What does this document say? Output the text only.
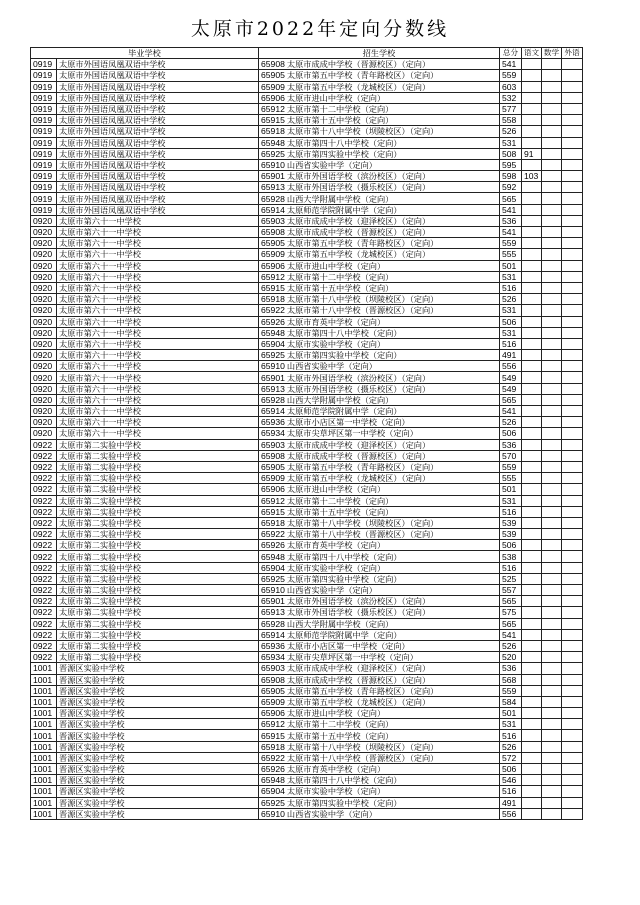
太原市2022年定向分数线
毕业学校		招生学校	总分	语文	数学	外语
0919	太原市外国语凤凰双语中学校	65908 太原市成成中学校（晋源校区）（定向）	541			
0919	太原市外国语凤凰双语中学校	65905 太原市第五中学校（青年路校区）（定向）	559			
0919	太原市外国语凤凰双语中学校	65909 太原市第五中学校（龙城校区）（定向）	603			
0919	太原市外国语凤凰双语中学校	65906 太原市进山中学校（定向）	532			
0919	太原市外国语凤凰双语中学校	65912 太原市第十二中学校（定向）	577			
0919	太原市外国语凤凰双语中学校	65915 太原市第十五中学校（定向）	558			
0919	太原市外国语凤凰双语中学校	65918 太原市第十八中学校（坝陵校区）（定向）	526			
0919	太原市外国语凤凰双语中学校	65948 太原市第四十八中学校（定向）	531			
0919	太原市外国语凤凰双语中学校	65925 太原市第四实验中学校（定向）	508	91		
0919	太原市外国语凤凰双语中学校	65910 山西省实验中学（定向）	595			
0919	太原市外国语凤凰双语中学校	65901 太原市外国语学校（滨汾校区）（定向）	598	103		
0919	太原市外国语凤凰双语中学校	65913 太原市外国语学校（摄乐校区）（定向）	592			
0919	太原市外国语凤凰双语中学校	65928 山西大学附属中学校（定向）	565			
0919	太原市外国语凤凰双语中学校	65914 太原师范学院附属中学（定向）	541			
0920	太原市第六十一中学校	65903 太原市成成中学校（迎泽校区）（定向）	536			
0920	太原市第六十一中学校	65908 太原市成成中学校（晋源校区）（定向）	541			
0920	太原市第六十一中学校	65905 太原市第五中学校（青年路校区）（定向）	559			
0920	太原市第六十一中学校	65909 太原市第五中学校（龙城校区）（定向）	555			
0920	太原市第六十一中学校	65906 太原市进山中学校（定向）	501			
0920	太原市第六十一中学校	65912 太原市第十二中学校（定向）	531			
0920	太原市第六十一中学校	65915 太原市第十五中学校（定向）	516			
0920	太原市第六十一中学校	65918 太原市第十八中学校（坝陵校区）（定向）	526			
0920	太原市第六十一中学校	65922 太原市第十八中学校（晋源校区）（定向）	531			
0920	太原市第六十一中学校	65926 太原市育英中学校（定向）	506			
0920	太原市第六十一中学校	65948 太原市第四十八中学校（定向）	531			
0920	太原市第六十一中学校	65904 太原市实验中学校（定向）	516			
0920	太原市第六十一中学校	65925 太原市第四实验中学校（定向）	491			
0920	太原市第六十一中学校	65910 山西省实验中学（定向）	556			
0920	太原市第六十一中学校	65901 太原市外国语学校（滨汾校区）（定向）	549			
0920	太原市第六十一中学校	65913 太原市外国语学校（摄乐校区）（定向）	549			
0920	太原市第六十一中学校	65928 山西大学附属中学校（定向）	565			
0920	太原市第六十一中学校	65914 太原师范学院附属中学（定向）	541			
0920	太原市第六十一中学校	65936 太原市小店区第一中学校（定向）	526			
0920	太原市第六十一中学校	65934 太原市尖草坪区第一中学校（定向）	506			
0922	太原市第二实验中学校	65903 太原市成成中学校（迎泽校区）（定向）	536			
0922	太原市第二实验中学校	65908 太原市成成中学校（晋源校区）（定向）	570			
0922	太原市第二实验中学校	65905 太原市第五中学校（青年路校区）（定向）	559			
0922	太原市第二实验中学校	65909 太原市第五中学校（龙城校区）（定向）	555			
0922	太原市第二实验中学校	65906 太原市进山中学校（定向）	501			
0922	太原市第二实验中学校	65912 太原市第十二中学校（定向）	531			
0922	太原市第二实验中学校	65915 太原市第十五中学校（定向）	516			
0922	太原市第二实验中学校	65918 太原市第十八中学校（坝陵校区）（定向）	539			
0922	太原市第二实验中学校	65922 太原市第十八中学校（晋源校区）（定向）	539			
0922	太原市第二实验中学校	65926 太原市育英中学校（定向）	506			
0922	太原市第二实验中学校	65948 太原市第四十八中学校（定向）	538			
0922	太原市第二实验中学校	65904 太原市实验中学校（定向）	516			
0922	太原市第二实验中学校	65925 太原市第四实验中学校（定向）	525			
0922	太原市第二实验中学校	65910 山西省实验中学（定向）	557			
0922	太原市第二实验中学校	65901 太原市外国语学校（滨汾校区）（定向）	565			
0922	太原市第二实验中学校	65913 太原市外国语学校（摄乐校区）（定向）	575			
0922	太原市第二实验中学校	65928 山西大学附属中学校（定向）	565			
0922	太原市第二实验中学校	65914 太原师范学院附属中学（定向）	541			
0922	太原市第二实验中学校	65936 太原市小店区第一中学校（定向）	526			
0922	太原市第二实验中学校	65934 太原市尖草坪区第一中学校（定向）	520			
1001	晋源区实验中学校	65903 太原市成成中学校（迎泽校区）（定向）	536			
1001	晋源区实验中学校	65908 太原市成成中学校（晋源校区）（定向）	568			
1001	晋源区实验中学校	65905 太原市第五中学校（青年路校区）（定向）	559			
1001	晋源区实验中学校	65909 太原市第五中学校（龙城校区）（定向）	584			
1001	晋源区实验中学校	65906 太原市进山中学校（定向）	501			
1001	晋源区实验中学校	65912 太原市第十二中学校（定向）	531			
1001	晋源区实验中学校	65915 太原市第十五中学校（定向）	516			
1001	晋源区实验中学校	65918 太原市第十八中学校（坝陵校区）（定向）	526			
1001	晋源区实验中学校	65922 太原市第十八中学校（晋源校区）（定向）	572			
1001	晋源区实验中学校	65926 太原市育英中学校（定向）	506			
1001	晋源区实验中学校	65948 太原市第四十八中学校（定向）	546			
1001	晋源区实验中学校	65904 太原市实验中学校（定向）	516			
1001	晋源区实验中学校	65925 太原市第四实验中学校（定向）	491			
1001	晋源区实验中学校	65910 山西省实验中学（定向）	556			
